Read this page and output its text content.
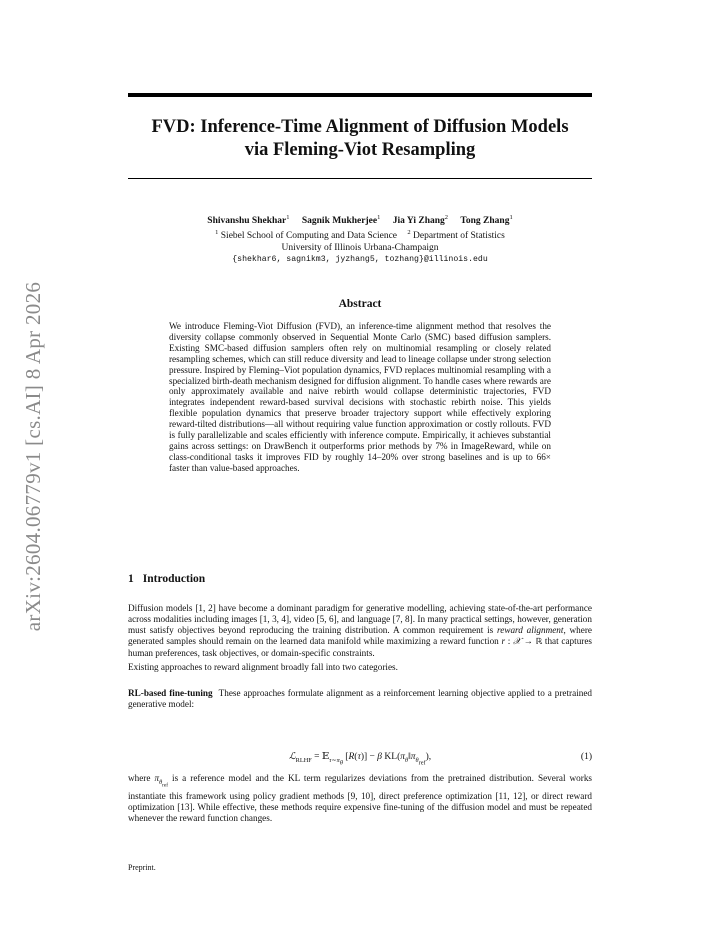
arXiv:2604.06779v1 [cs.AI] 8 Apr 2026
FVD: Inference-Time Alignment of Diffusion Models
via Fleming-Viot Resampling
Shivanshu Shekhar$^1$ Sagnik Mukherjee$^1$ Jia Yi Zhang$^2$ Tong Zhang$^1$
$^1$ Siebel School of Computing and Data Science $^2$ Department of Statistics
University of Illinois Urbana-Champaign
{shekhar6, sagnikm3, jyzhang5, tozhang}@illinois.edu
Abstract
We introduce Fleming-Viot Diffusion (FVD), an inference-time alignment method that resolves the diversity collapse commonly observed in Sequential Monte Carlo (SMC) based diffusion samplers. Existing SMC-based diffusion samplers often rely on multinomial resampling or closely related resampling schemes, which can still reduce diversity and lead to lineage collapse under strong selection pressure. Inspired by Fleming–Viot population dynamics, FVD replaces multinomial resampling with a specialized birth-death mechanism designed for diffusion alignment. To handle cases where rewards are only approximately available and naive rebirth would collapse deterministic trajectories, FVD integrates independent reward-based survival decisions with stochastic rebirth noise. This yields flexible population dynamics that preserve broader trajectory support while effectively exploring reward-tilted distributions—all without requiring value function approximation or costly rollouts. FVD is fully parallelizable and scales efficiently with inference compute. Empirically, it achieves substantial gains across settings: on DrawBench it outperforms prior methods by 7% in ImageReward, while on class-conditional tasks it improves FID by roughly 14–20% over strong baselines and is up to 66× faster than value-based approaches.
1 Introduction
Diffusion models [1, 2] have become a dominant paradigm for generative modelling, achieving state-of-the-art performance across modalities including images [1, 3, 4], video [5, 6], and language [7, 8]. In many practical settings, however, generation must satisfy objectives beyond reproducing the training distribution. A common requirement is reward alignment, where generated samples should remain on the learned data manifold while maximizing a reward function r : 𝒳 → ℝ that captures human preferences, task objectives, or domain-specific constraints.
Existing approaches to reward alignment broadly fall into two categories.
RL-based fine-tuning These approaches formulate alignment as a reinforcement learning objective applied to a pretrained generative model:
ℒ$_{RLHF}$ = 𝔼$_{\tau\sim\pi_\theta}$ [R(τ)] − β $KL(\pi_\theta‖\pi_{\theta_{ref}})$,	(1)
where $\pi_{\theta_{ref}}$ is a reference model and the KL term regularizes deviations from the pretrained distribution. Several works instantiate this framework using policy gradient methods [9, 10], direct preference optimization [11, 12], or direct reward optimization [13]. While effective, these methods require expensive fine-tuning of the diffusion model and must be repeated whenever the reward function changes.
Preprint.
